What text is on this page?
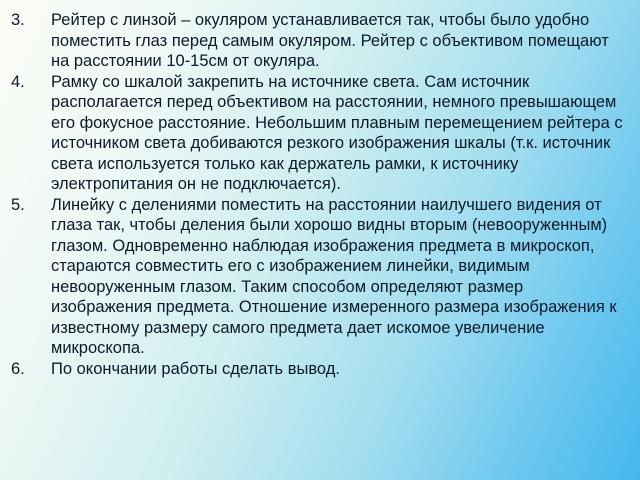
3.	Рейтер с линзой – окуляром устанавливается так, чтобы было удобно поместить глаз перед самым окуляром. Рейтер с объективом помещают на расстоянии 10-15см от окуляра.
4.	Рамку со шкалой закрепить на источнике света. Сам источник располагается перед объективом на расстоянии, немного превышающем его фокусное расстояние. Небольшим плавным перемещением рейтера с источником света добиваются резкого изображения шкалы (т.к. источник света используется только как держатель рамки, к источнику электропитания он не подключается).
5.	Линейку с делениями поместить на расстоянии наилучшего видения от глаза так, чтобы деления были хорошо видны вторым (невооруженным) глазом. Одновременно наблюдая изображения предмета в микроскоп, стараются совместить его с изображением линейки, видимым невооруженным глазом. Таким способом определяют размер изображения предмета. Отношение измеренного размера изображения к известному размеру самого предмета дает искомое увеличение микроскопа.
6.	По окончании работы сделать вывод.
